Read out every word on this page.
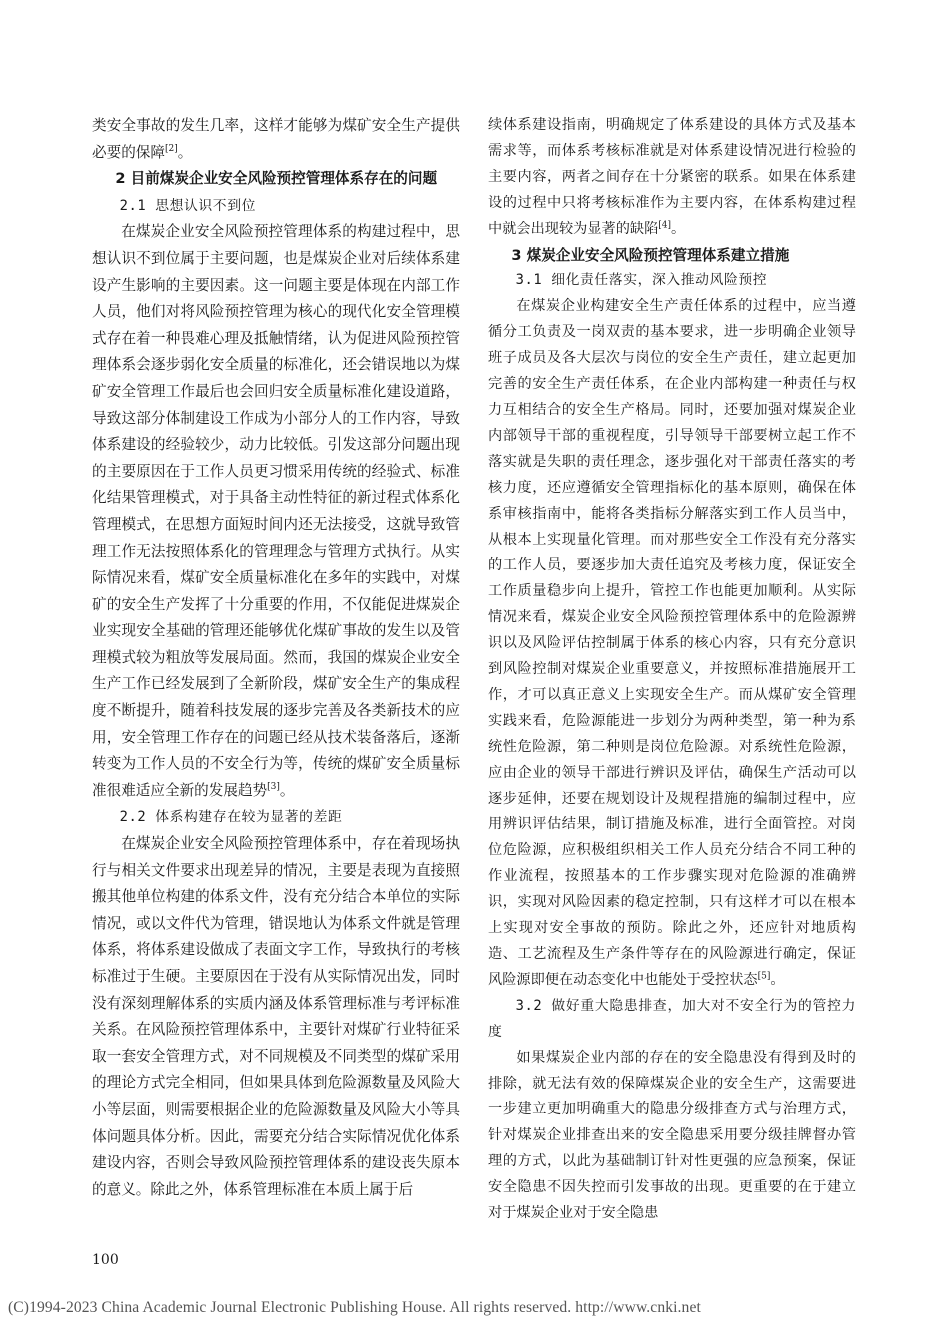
类安全事故的发生几率，这样才能够为煤矿安全生产提供必要的保障[2]。

2 目前煤炭企业安全风险预控管理体系存在的问题

2.1 思想认识不到位

在煤炭企业安全风险预控管理体系的构建过程中，思想认识不到位属于主要问题，也是煤炭企业对后续体系建设产生影响的主要因素。这一问题主要是体现在内部工作人员，他们对将风险预控管理为核心的现代化安全管理模式存在着一种畏难心理及抵触情绪，认为促进风险预控管理体系会逐步弱化安全质量的标准化，还会错误地以为煤矿安全管理工作最后也会回归安全质量标准化建设道路，导致这部分体制建设工作成为小部分人的工作内容，导致体系建设的经验较少，动力比较低。引发这部分问题出现的主要原因在于工作人员更习惯采用传统的经验式、标准化结果管理模式，对于具备主动性特征的新过程式体系化管理模式，在思想方面短时间内还无法接受，这就导致管理工作无法按照体系化的管理理念与管理方式执行。从实际情况来看，煤矿安全质量标准化在多年的实践中，对煤矿的安全生产发挥了十分重要的作用，不仅能促进煤炭企业实现安全基础的管理还能够优化煤矿事故的发生以及管理模式较为粗放等发展局面。然而，我国的煤炭企业安全生产工作已经发展到了全新阶段，煤矿安全生产的集成程度不断提升，随着科技发展的逐步完善及各类新技术的应用，安全管理工作存在的问题已经从技术装备落后，逐渐转变为工作人员的不安全行为等，传统的煤矿安全质量标准很难适应全新的发展趋势[3]。

2.2 体系构建存在较为显著的差距

在煤炭企业安全风险预控管理体系中，存在着现场执行与相关文件要求出现差异的情况，主要是表现为直接照搬其他单位构建的体系文件，没有充分结合本单位的实际情况，或以文件代为管理，错误地认为体系文件就是管理体系，将体系建设做成了表面文字工作，导致执行的考核标准过于生硬。主要原因在于没有从实际情况出发，同时没有深刻理解体系的实质内涵及体系管理标准与考评标准关系。在风险预控管理体系中，主要针对煤矿行业特征采取一套安全管理方式，对不同规模及不同类型的煤矿采用的理论方式完全相同，但如果具体到危险源数量及风险大小等层面，则需要根据企业的危险源数量及风险大小等具体问题具体分析。因此，需要充分结合实际情况优化体系建设内容，否则会导致风险预控管理体系的建设丧失原本的意义。除此之外，体系管理标准在本质上属于后

续体系建设指南，明确规定了体系建设的具体方式及基本需求等，而体系考核标准就是对体系建设情况进行检验的主要内容，两者之间存在十分紧密的联系。如果在体系建设的过程中只将考核标准作为主要内容，在体系构建过程中就会出现较为显著的缺陷[4]。

3 煤炭企业安全风险预控管理体系建立措施

3.1 细化责任落实，深入推动风险预控

在煤炭企业构建安全生产责任体系的过程中，应当遵循分工负责及一岗双责的基本要求，进一步明确企业领导班子成员及各大层次与岗位的安全生产责任，建立起更加完善的安全生产责任体系，在企业内部构建一种责任与权力互相结合的安全生产格局。同时，还要加强对煤炭企业内部领导干部的重视程度，引导领导干部要树立起工作不落实就是失职的责任理念，逐步强化对干部责任落实的考核力度，还应遵循安全管理指标化的基本原则，确保在体系审核指南中，能将各类指标分解落实到工作人员当中，从根本上实现量化管理。而对那些安全工作没有充分落实的工作人员，要逐步加大责任追究及考核力度，保证安全工作质量稳步向上提升，管控工作也能更加顺利。从实际情况来看，煤炭企业安全风险预控管理体系中的危险源辨识以及风险评估控制属于体系的核心内容，只有充分意识到风险控制对煤炭企业重要意义，并按照标准措施展开工作，才可以真正意义上实现安全生产。而从煤矿安全管理实践来看，危险源能进一步划分为两种类型，第一种为系统性危险源，第二种则是岗位危险源。对系统性危险源，应由企业的领导干部进行辨识及评估，确保生产活动可以逐步延伸，还要在规划设计及规程措施的编制过程中，应用辨识评估结果，制订措施及标准，进行全面管控。对岗位危险源，应积极组织相关工作人员充分结合不同工种的作业流程，按照基本的工作步骤实现对危险源的准确辨识，实现对风险因素的稳定控制，只有这样才可以在根本上实现对安全事故的预防。除此之外，还应针对地质构造、工艺流程及生产条件等存在的风险源进行确定，保证风险源即便在动态变化中也能处于受控状态[5]。

3.2 做好重大隐患排查，加大对不安全行为的管控力度

如果煤炭企业内部的存在的安全隐患没有得到及时的排除，就无法有效的保障煤炭企业的安全生产，这需要进一步建立更加明确重大的隐患分级排查方式与治理方式，针对煤炭企业排查出来的安全隐患采用要分级挂牌督办管理的方式，以此为基础制订针对性更强的应急预案，保证安全隐患不因失控而引发事故的出现。更重要的在于建立对于煤炭企业对于安全隐患

100
(C)1994-2023 China Academic Journal Electronic Publishing House. All rights reserved. http://www.cnki.net
